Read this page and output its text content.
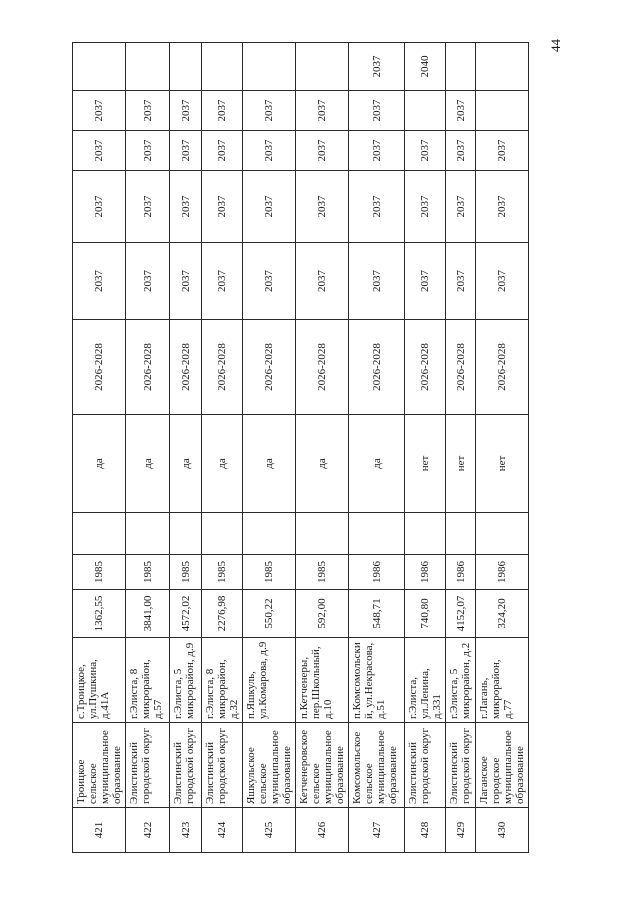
44
421	Троицкое сельское муниципальное образование	с.Троицкое, ул.Пушкина, д.41А	1362,55	1985		да	2026-2028	2037	2037	2037	2037	
422	Элистинский городской округ	г.Элиста, 8 микрорайон, д.57	3841,00	1985		да	2026-2028	2037	2037	2037	2037	
423	Элистинский городской округ	г.Элиста, 5 микрорайон, д.9	4572,02	1985		да	2026-2028	2037	2037	2037	2037	
424	Элистинский городской округ	г.Элиста, 8 микрорайон, д.32	2276,98	1985		да	2026-2028	2037	2037	2037	2037	
425	Яшкульское сельское муниципальное образование	п.Яшкуль, ул.Комарова, д.9	550,22	1985		да	2026-2028	2037	2037	2037	2037	
426	Кетченеровское сельское муниципальное образование	п.Кетченеры, пер.Школьный, д.10	592,00	1985		да	2026-2028	2037	2037	2037	2037	
427	Комсомольское сельское муниципальное образование	п.Комсомольски й, ул.Некрасова, д.51	548,71	1986		да	2026-2028	2037	2037	2037	2037	2037
428	Элистинский городской округ	г.Элиста, ул.Ленина, д.331	740,80	1986		нет	2026-2028	2037	2037	2037		2040
429	Элистинский городской округ	г.Элиста, 5 микрорайон, д.2	4152,07	1986		нет	2026-2028	2037	2037	2037	2037	
430	Лаганское городское муниципальное образование	г.Лагань, микрорайон, д.77	324,20	1986		нет	2026-2028	2037	2037	2037		
